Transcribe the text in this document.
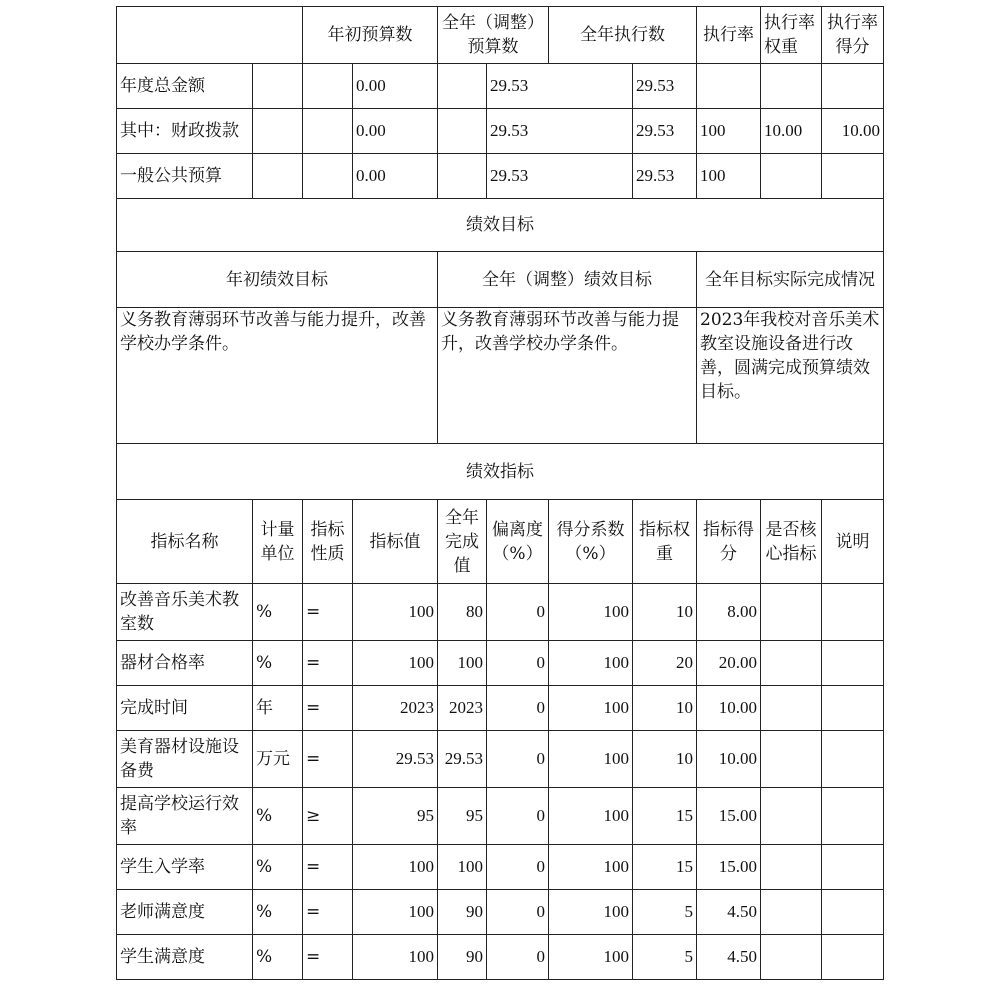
		年初预算数		全年（调整）预算数		全年执行数		执行率	执行率权重	执行率得分
年度总金额			0.00		29.53		29.53			
其中：财政拨款			0.00		29.53		29.53	100	10.00	10.00
一般公共预算			0.00		29.53		29.53	100		
绩效目标										
年初绩效目标				全年（调整）绩效目标				全年目标实际完成情况		
义务教育薄弱环节改善与能力提升，改善学校办学条件。				义务教育薄弱环节改善与能力提升，改善学校办学条件。				2023年我校对音乐美术教室设施设备进行改善，圆满完成预算绩效目标。		
绩效指标										
指标名称	计量单位	指标性质	指标值	全年完成值	偏离度（%）	得分系数（%）	指标权重	指标得分	是否核心指标	说明
改善音乐美术教室数	%	=	100	80	0	100	10	8.00		
器材合格率	%	=	100	100	0	100	20	20.00		
完成时间	年	=	2023	2023	0	100	10	10.00		
美育器材设施设备费	万元	=	29.53	29.53	0	100	10	10.00		
提高学校运行效率	%	≥	95	95	0	100	15	15.00		
学生入学率	%	=	100	100	0	100	15	15.00		
老师满意度	%	=	100	90	0	100	5	4.50		
学生满意度	%	=	100	90	0	100	5	4.50		
